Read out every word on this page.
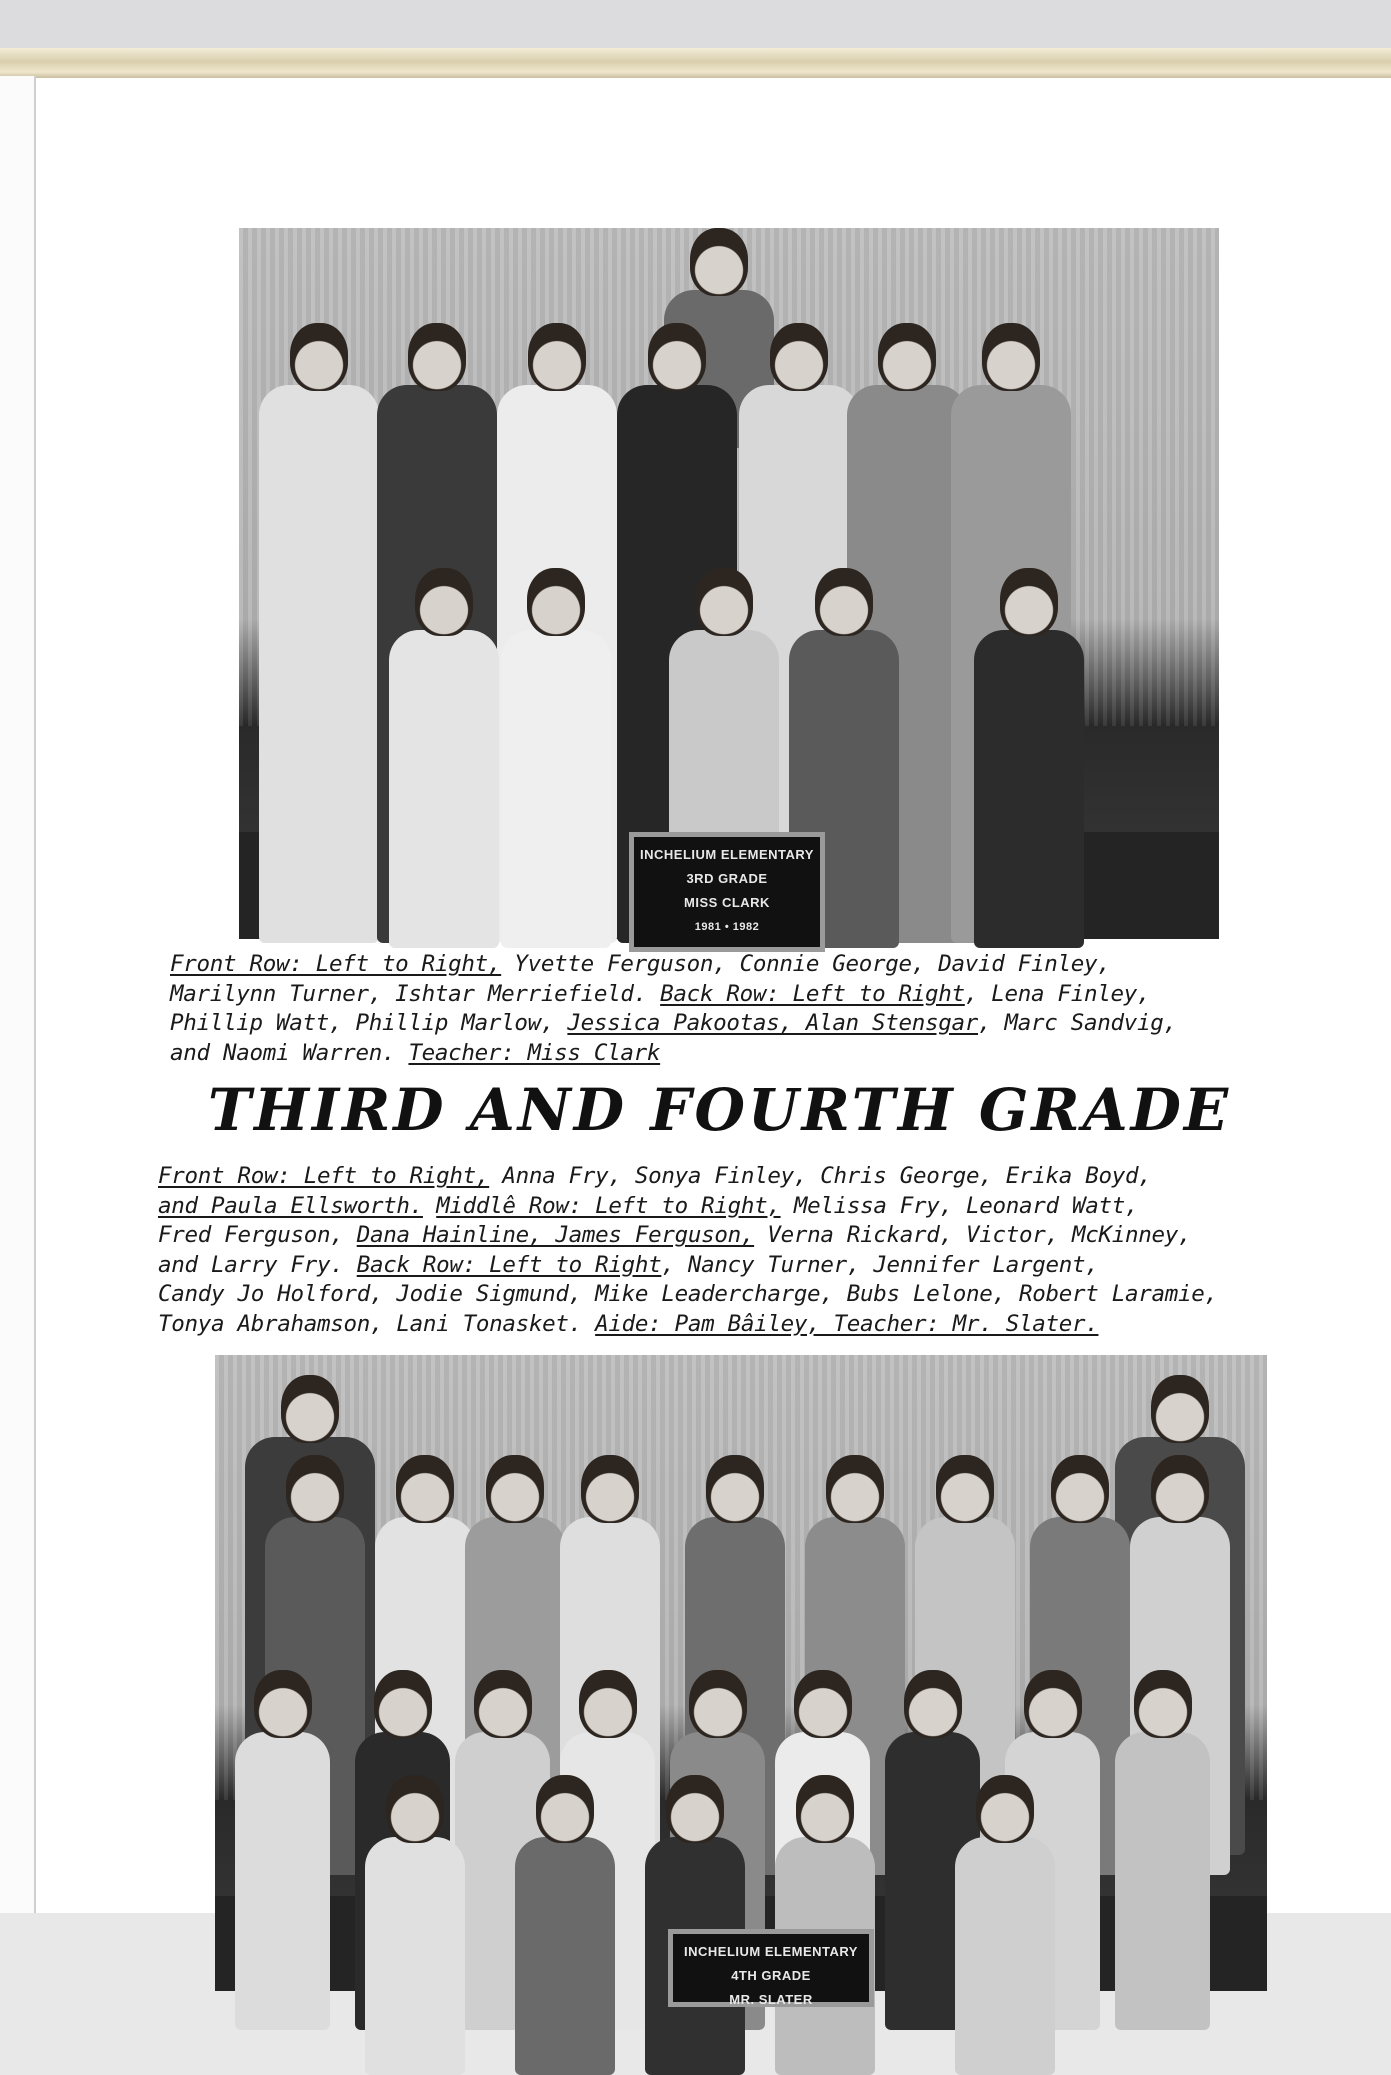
INCHELIUM ELEMENTARY
3RD GRADE
MISS CLARK
1981 • 1982
Front Row: Left to Right, Yvette Ferguson, Connie George, David Finley,
Marilynn Turner, Ishtar Merriefield. Back Row: Left to Right, Lena Finley,
Phillip Watt, Phillip Marlow, Jessica Pakootas, Alan Stensgar, Marc Sandvig,
and Naomi Warren. Teacher: Miss Clark
THIRD AND FOURTH GRADE
Front Row: Left to Right, Anna Fry, Sonya Finley, Chris George, Erika Boyd,
and Paula Ellsworth. Middlê Row: Left to Right, Melissa Fry, Leonard Watt,
Fred Ferguson, Dana Hainline, James Ferguson, Verna Rickard, Victor, McKinney,
and Larry Fry. Back Row: Left to Right, Nancy Turner, Jennifer Largent,
Candy Jo Holford, Jodie Sigmund, Mike Leadercharge, Bubs Lelone, Robert Laramie,
Tonya Abrahamson, Lani Tonasket. Aide: Pam Bâiley, Teacher: Mr. Slater.
INCHELIUM ELEMENTARY
4TH GRADE
MR. SLATER
